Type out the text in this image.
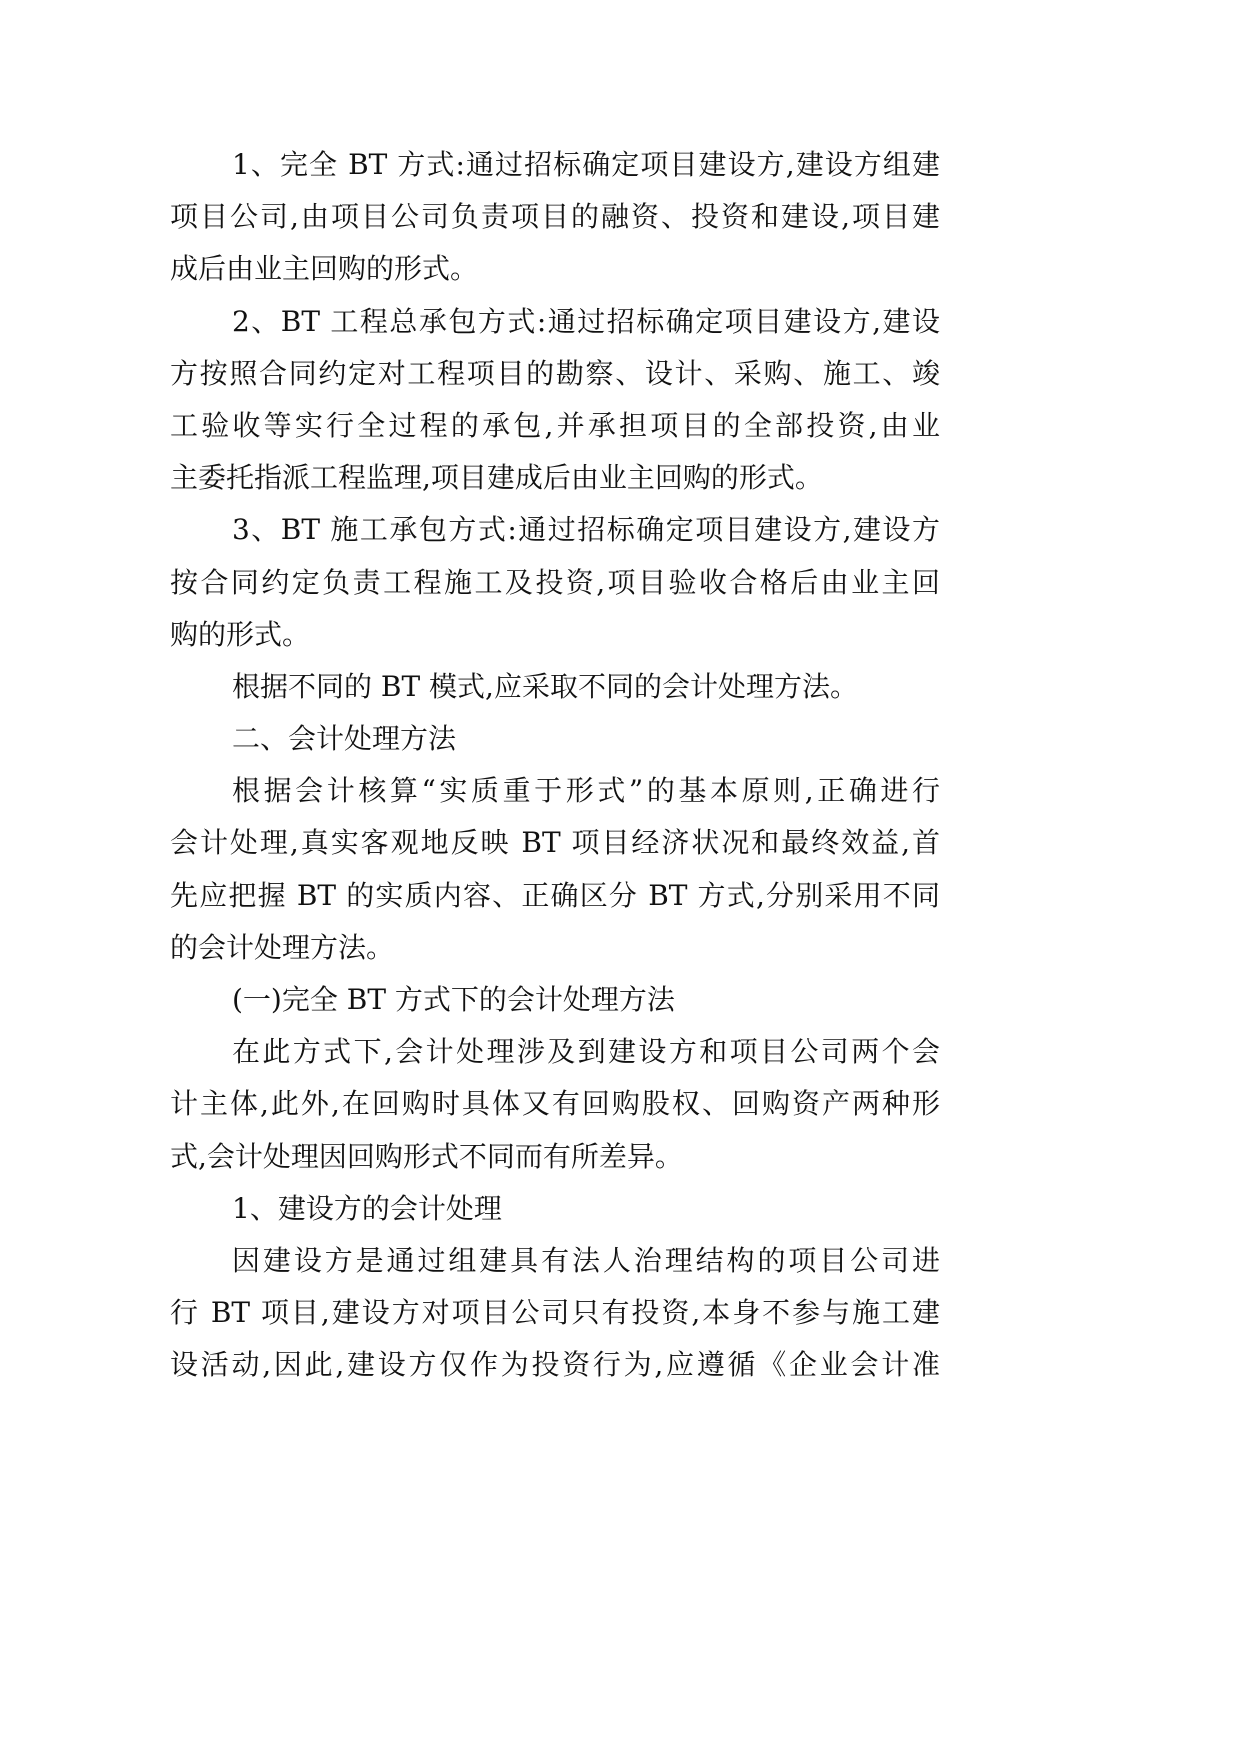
1、完全 BT 方式:通过招标确定项目建设方,建设方组建
项目公司,由项目公司负责项目的融资、投资和建设,项目建
成后由业主回购的形式。
2、BT 工程总承包方式:通过招标确定项目建设方,建设
方按照合同约定对工程项目的勘察、设计、采购、施工、竣
工验收等实行全过程的承包,并承担项目的全部投资,由业
主委托指派工程监理,项目建成后由业主回购的形式。
3、BT 施工承包方式:通过招标确定项目建设方,建设方
按合同约定负责工程施工及投资,项目验收合格后由业主回
购的形式。
根据不同的 BT 模式,应采取不同的会计处理方法。
二、会计处理方法
根据会计核算“实质重于形式”的基本原则,正确进行
会计处理,真实客观地反映 BT 项目经济状况和最终效益,首
先应把握 BT 的实质内容、正确区分 BT 方式,分别采用不同
的会计处理方法。
(一)完全 BT 方式下的会计处理方法
在此方式下,会计处理涉及到建设方和项目公司两个会
计主体,此外,在回购时具体又有回购股权、回购资产两种形
式,会计处理因回购形式不同而有所差异。
1、建设方的会计处理
因建设方是通过组建具有法人治理结构的项目公司进
行 BT 项目,建设方对项目公司只有投资,本身不参与施工建
设活动,因此,建设方仅作为投资行为,应遵循《企业会计准
